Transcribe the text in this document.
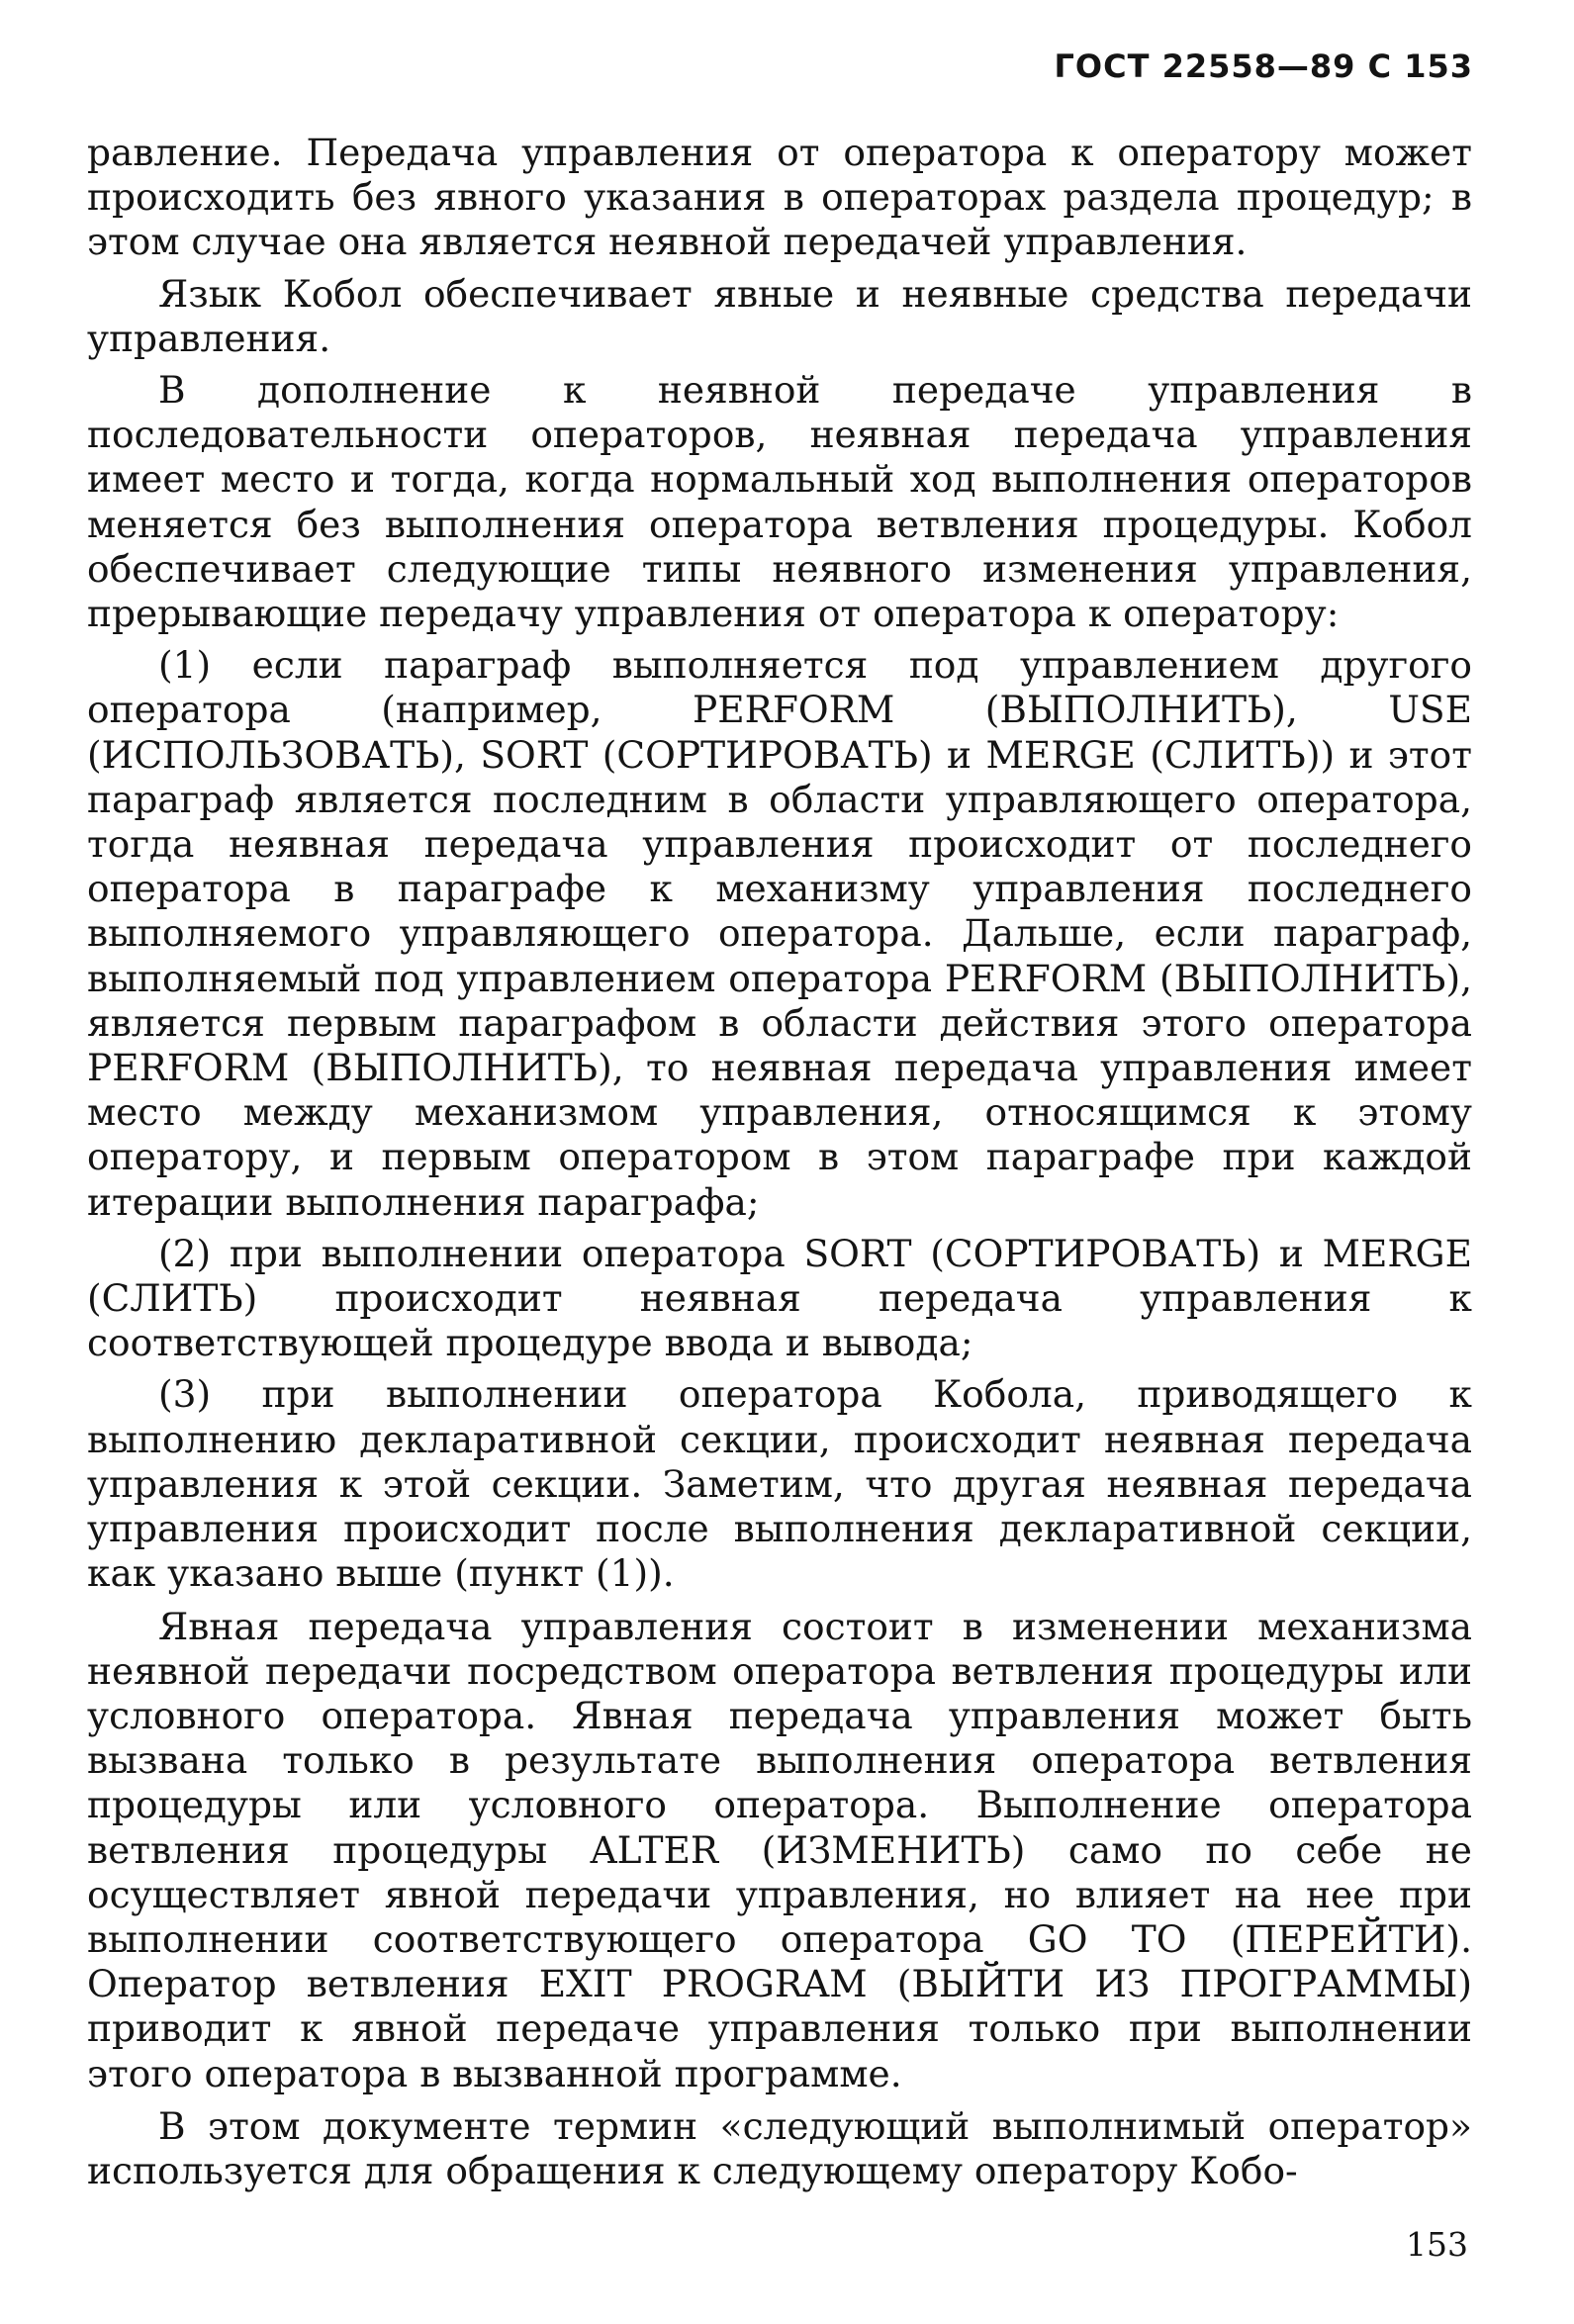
ГОСТ 22558—89 С 153

равление. Передача управления от оператора к оператору может происходить без явного указания в операторах раздела процедур; в этом случае она является неявной передачей управления.

Язык Кобол обеспечивает явные и неявные средства передачи управления.

В дополнение к неявной передаче управления в последовательности операторов, неявная передача управления имеет место и тогда, когда нормальный ход выполнения операторов меняется без выполнения оператора ветвления процедуры. Кобол обеспечивает следующие типы неявного изменения управления, прерывающие передачу управления от оператора к оператору:

(1) если параграф выполняется под управлением другого оператора (например, PERFORM (ВЫПОЛНИТЬ), USE (ИСПОЛЬЗОВАТЬ), SORT (СОРТИРОВАТЬ) и MERGE (СЛИТЬ)) и этот параграф является последним в области управляющего оператора, тогда неявная передача управления происходит от последнего оператора в параграфе к механизму управления последнего выполняемого управляющего оператора. Дальше, если параграф, выполняемый под управлением оператора PERFORM (ВЫПОЛНИТЬ), является первым параграфом в области действия этого оператора PERFORM (ВЫПОЛНИТЬ), то неявная передача управления имеет место между механизмом управления, относящимся к этому оператору, и первым оператором в этом параграфе при каждой итерации выполнения параграфа;

(2) при выполнении оператора SORT (СОРТИРОВАТЬ) и MERGE (СЛИТЬ) происходит неявная передача управления к соответствующей процедуре ввода и вывода;

(3) при выполнении оператора Кобола, приводящего к выполнению декларативной секции, происходит неявная передача управления к этой секции. Заметим, что другая неявная передача управления происходит после выполнения декларативной секции, как указано выше (пункт (1)).

Явная передача управления состоит в изменении механизма неявной передачи посредством оператора ветвления процедуры или условного оператора. Явная передача управления может быть вызвана только в результате выполнения оператора ветвления процедуры или условного оператора. Выполнение оператора ветвления процедуры ALTER (ИЗМЕНИТЬ) само по себе не осуществляет явной передачи управления, но влияет на нее при выполнении соответствующего оператора GO TO (ПЕРЕЙТИ). Оператор ветвления EXIT PROGRAM (ВЫЙТИ ИЗ ПРОГРАММЫ) приводит к явной передаче управления только при выполнении этого оператора в вызванной программе.

В этом документе термин «следующий выполнимый оператор» используется для обращения к следующему оператору Кобо-

153
